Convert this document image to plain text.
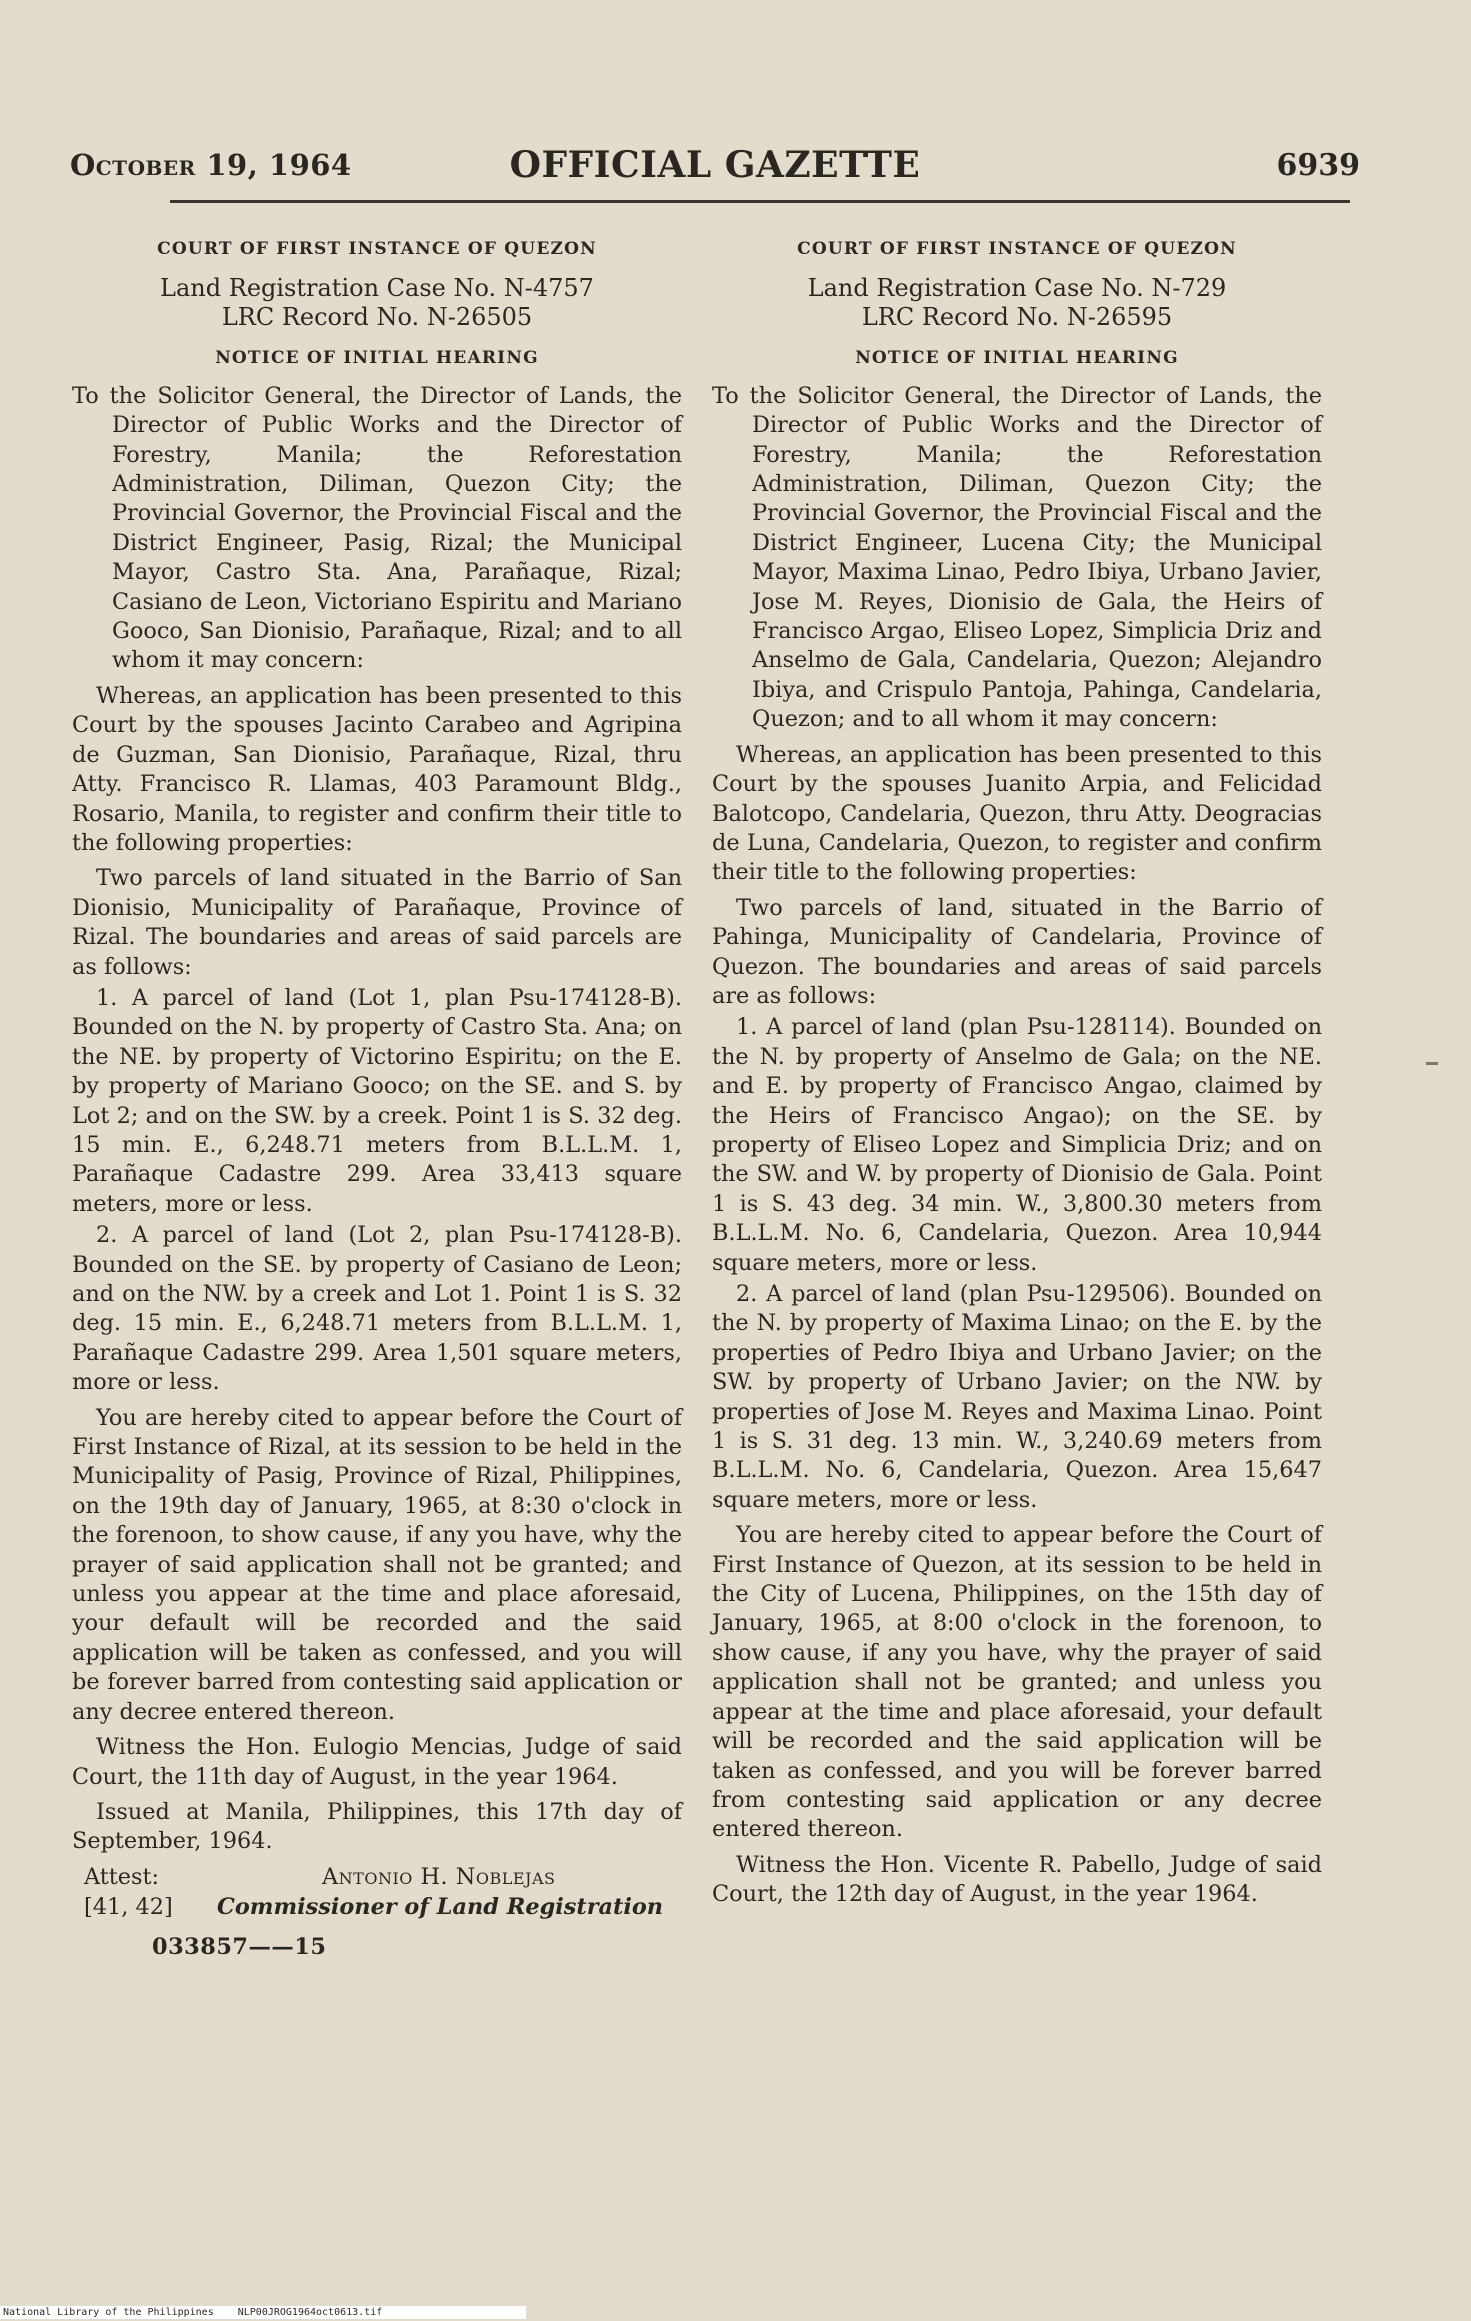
October 19, 1964	OFFICIAL GAZETTE	6939
COURT OF FIRST INSTANCE OF QUEZON
Land Registration Case No. N-4757
LRC Record No. N-26505
NOTICE OF INITIAL HEARING

To the Solicitor General, the Director of Lands, the Director of Public Works and the Director of Forestry, Manila; the Reforestation Administration, Diliman, Quezon City; the Provincial Governor, the Provincial Fiscal and the District Engineer, Pasig, Rizal; the Municipal Mayor, Castro Sta. Ana, Parañaque, Rizal; Casiano de Leon, Victoriano Espiritu and Mariano Gooco, San Dionisio, Parañaque, Rizal; and to all whom it may concern:

Whereas, an application has been presented to this Court by the spouses Jacinto Carabeo and Agripina de Guzman, San Dionisio, Parañaque, Rizal, thru Atty. Francisco R. Llamas, 403 Paramount Bldg., Rosario, Manila, to register and confirm their title to the following properties:

Two parcels of land situated in the Barrio of San Dionisio, Municipality of Parañaque, Province of Rizal. The boundaries and areas of said parcels are as follows:

1. A parcel of land (Lot 1, plan Psu-174128-B). Bounded on the N. by property of Castro Sta. Ana; on the NE. by property of Victorino Espiritu; on the E. by property of Mariano Gooco; on the SE. and S. by Lot 2; and on the SW. by a creek. Point 1 is S. 32 deg. 15 min. E., 6,248.71 meters from B.L.L.M. 1, Parañaque Cadastre 299. Area 33,413 square meters, more or less.

2. A parcel of land (Lot 2, plan Psu-174128-B). Bounded on the SE. by property of Casiano de Leon; and on the NW. by a creek and Lot 1. Point 1 is S. 32 deg. 15 min. E., 6,248.71 meters from B.L.L.M. 1, Parañaque Cadastre 299. Area 1,501 square meters, more or less.

You are hereby cited to appear before the Court of First Instance of Rizal, at its session to be held in the Municipality of Pasig, Province of Rizal, Philippines, on the 19th day of January, 1965, at 8:30 o'clock in the forenoon, to show cause, if any you have, why the prayer of said application shall not be granted; and unless you appear at the time and place aforesaid, your default will be recorded and the said application will be taken as confessed, and you will be forever barred from contesting said application or any decree entered thereon.

Witness the Hon. Eulogio Mencias, Judge of said Court, the 11th day of August, in the year 1964.

Issued at Manila, Philippines, this 17th day of September, 1964.

Attest:	Antonio H. Noblejas
[41, 42] Commissioner of Land Registration
033857——15
COURT OF FIRST INSTANCE OF QUEZON
Land Registration Case No. N-729
LRC Record No. N-26595
NOTICE OF INITIAL HEARING

To the Solicitor General, the Director of Lands, the Director of Public Works and the Director of Forestry, Manila; the Reforestation Administration, Diliman, Quezon City; the Provincial Governor, the Provincial Fiscal and the District Engineer, Lucena City; the Municipal Mayor, Maxima Linao, Pedro Ibiya, Urbano Javier, Jose M. Reyes, Dionisio de Gala, the Heirs of Francisco Argao, Eliseo Lopez, Simplicia Driz and Anselmo de Gala, Candelaria, Quezon; Alejandro Ibiya, and Crispulo Pantoja, Pahinga, Candelaria, Quezon; and to all whom it may concern:

Whereas, an application has been presented to this Court by the spouses Juanito Arpia, and Felicidad Balotcopo, Candelaria, Quezon, thru Atty. Deogracias de Luna, Candelaria, Quezon, to register and confirm their title to the following properties:

Two parcels of land, situated in the Barrio of Pahinga, Municipality of Candelaria, Province of Quezon. The boundaries and areas of said parcels are as follows:

1. A parcel of land (plan Psu-128114). Bounded on the N. by property of Anselmo de Gala; on the NE. and E. by property of Francisco Angao, claimed by the Heirs of Francisco Angao); on the SE. by property of Eliseo Lopez and Simplicia Driz; and on the SW. and W. by property of Dionisio de Gala. Point 1 is S. 43 deg. 34 min. W., 3,800.30 meters from B.L.L.M. No. 6, Candelaria, Quezon. Area 10,944 square meters, more or less.

2. A parcel of land (plan Psu-129506). Bounded on the N. by property of Maxima Linao; on the E. by the properties of Pedro Ibiya and Urbano Javier; on the SW. by property of Urbano Javier; on the NW. by properties of Jose M. Reyes and Maxima Linao. Point 1 is S. 31 deg. 13 min. W., 3,240.69 meters from B.L.L.M. No. 6, Candelaria, Quezon. Area 15,647 square meters, more or less.

You are hereby cited to appear before the Court of First Instance of Quezon, at its session to be held in the City of Lucena, Philippines, on the 15th day of January, 1965, at 8:00 o'clock in the forenoon, to show cause, if any you have, why the prayer of said application shall not be granted; and unless you appear at the time and place aforesaid, your default will be recorded and the said application will be taken as confessed, and you will be forever barred from contesting said application or any decree entered thereon.

Witness the Hon. Vicente R. Pabello, Judge of said Court, the 12th day of August, in the year 1964.

National Library of the Philippines NLP00JROG1964oct0613.tif
